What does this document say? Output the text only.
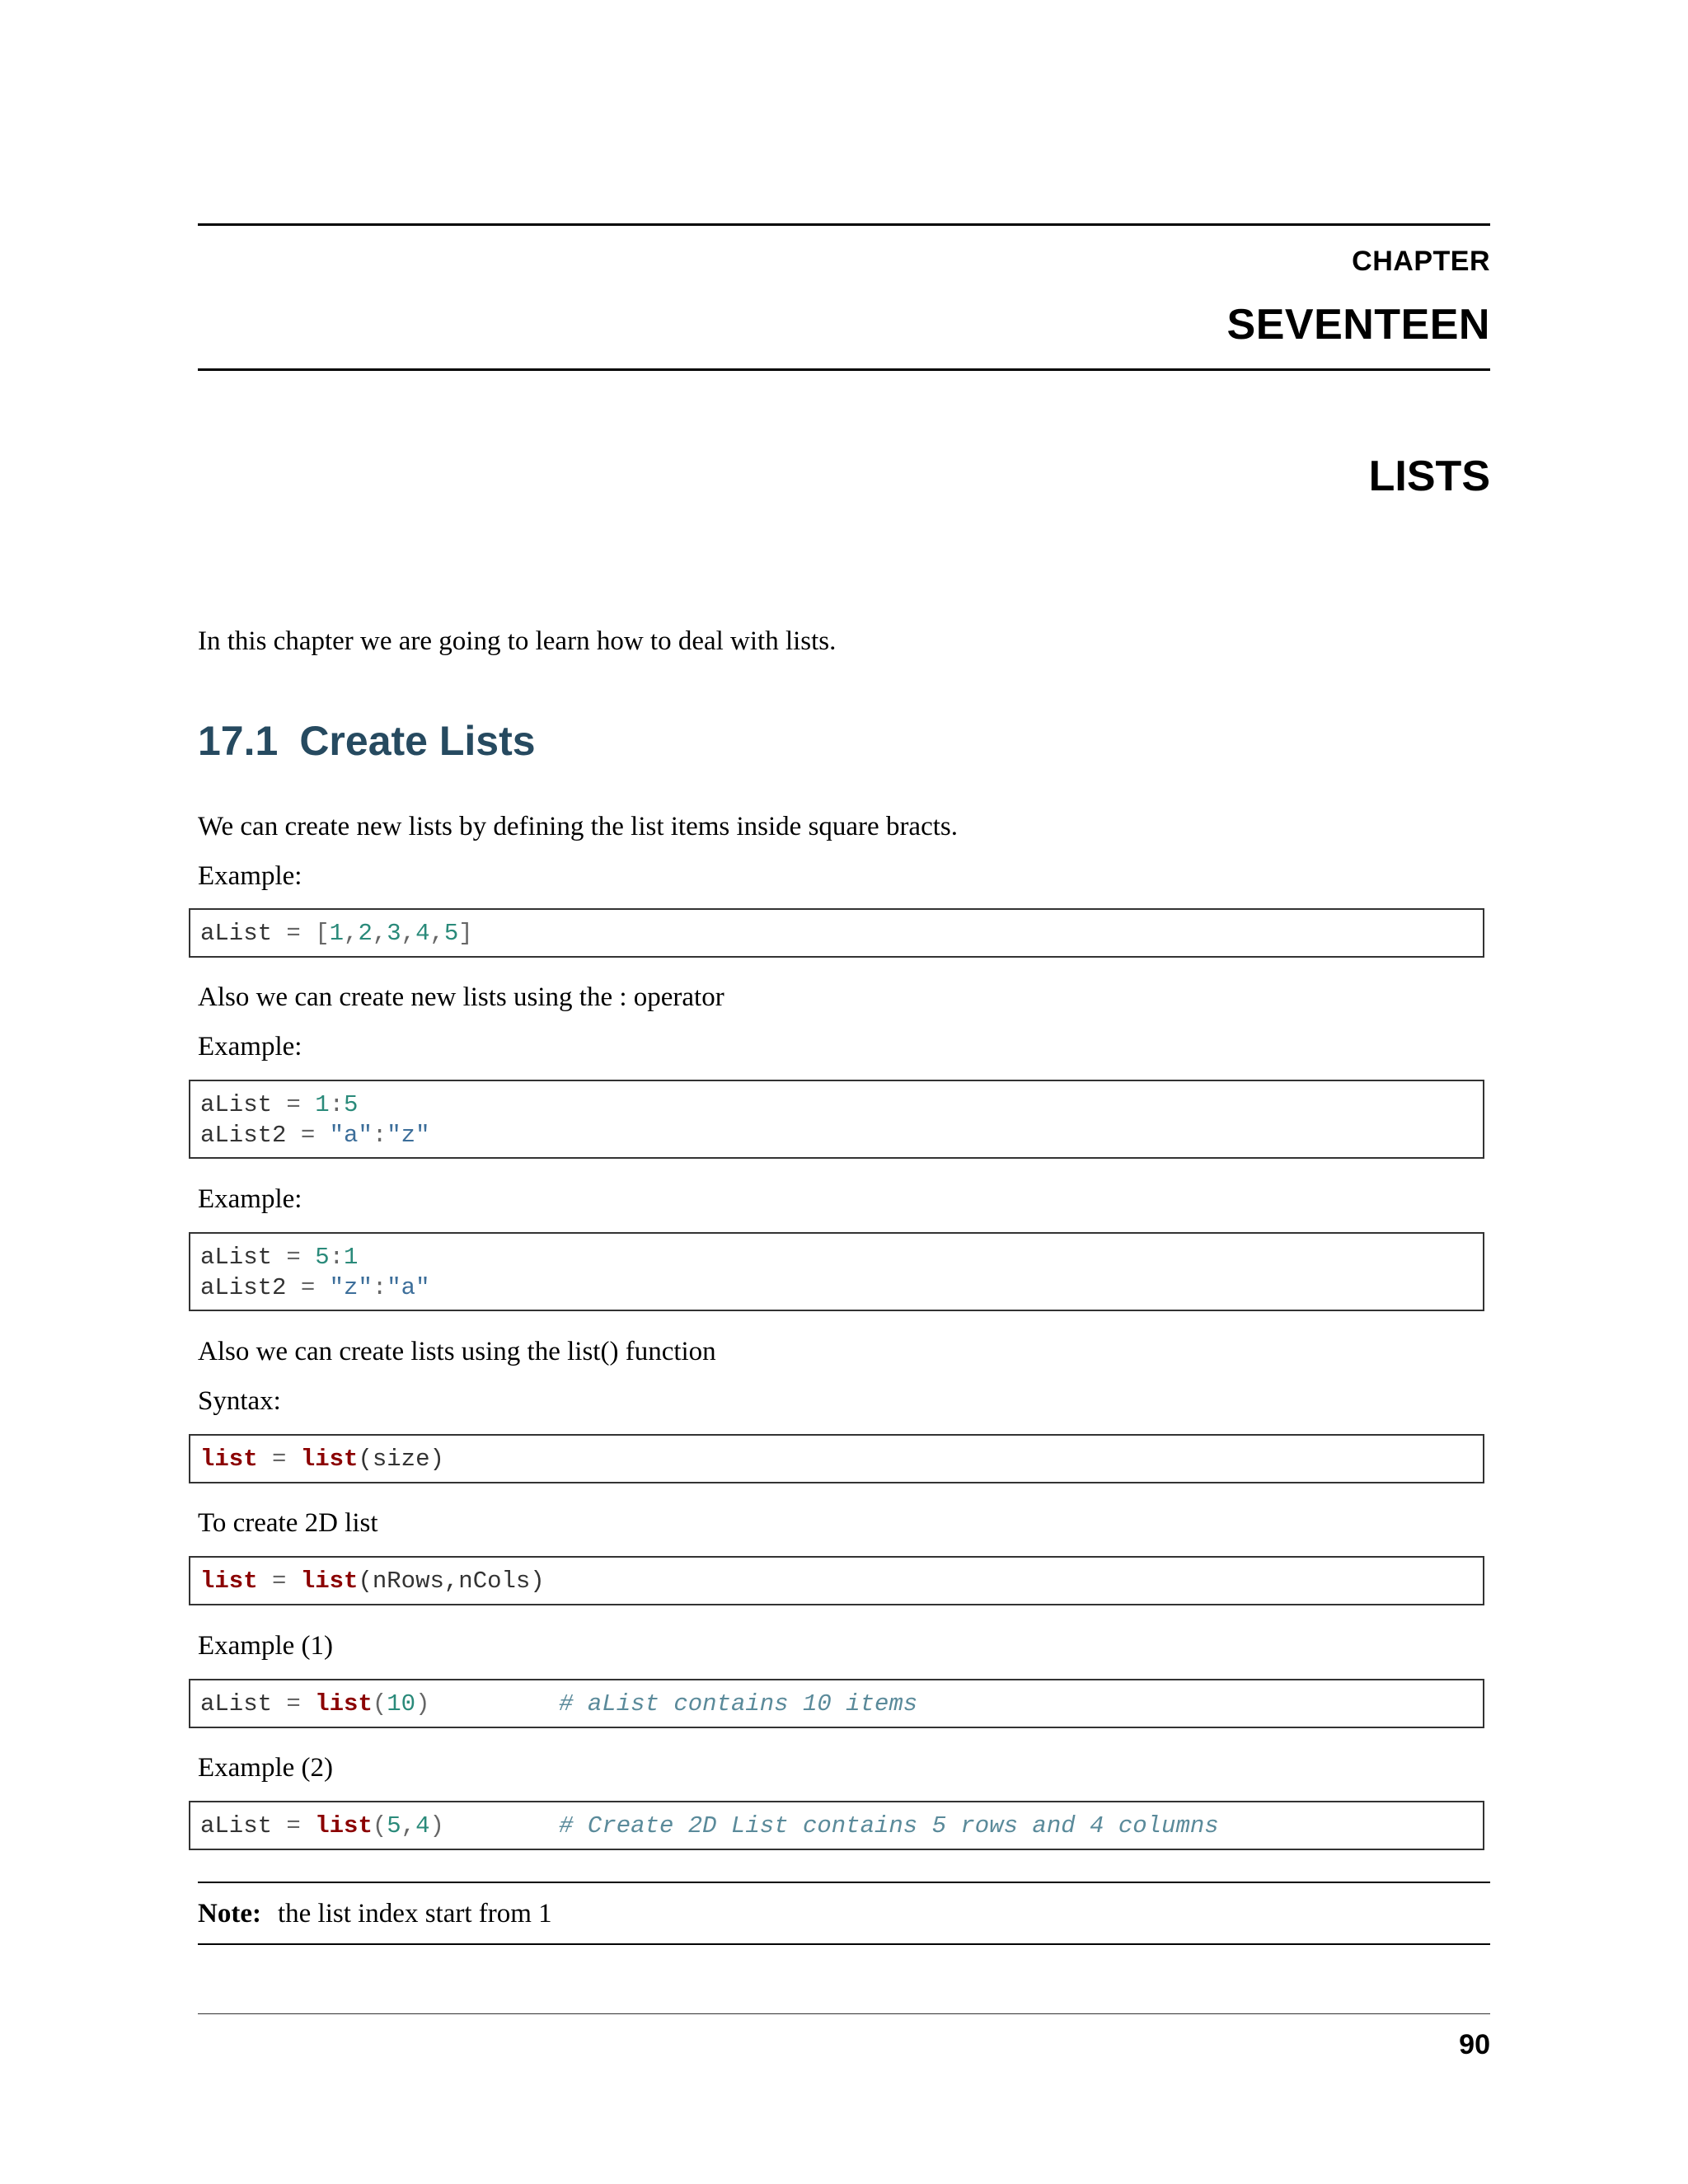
CHAPTER
SEVENTEEN
LISTS
In this chapter we are going to learn how to deal with lists.
17.1 Create Lists
We can create new lists by defining the list items inside square bracts.
Example:
aList = [1,2,3,4,5]
Also we can create new lists using the : operator
Example:
aList = 1:5
aList2 = "a":"z"
Example:
aList = 5:1
aList2 = "z":"a"
Also we can create lists using the list() function
Syntax:
list = list(size)
To create 2D list
list = list(nRows,nCols)
Example (1)
aList = list(10)	# aList contains 10 items
Example (2)
aList = list(5,4)	# Create 2D List contains 5 rows and 4 columns
Note: the list index start from 1
90
